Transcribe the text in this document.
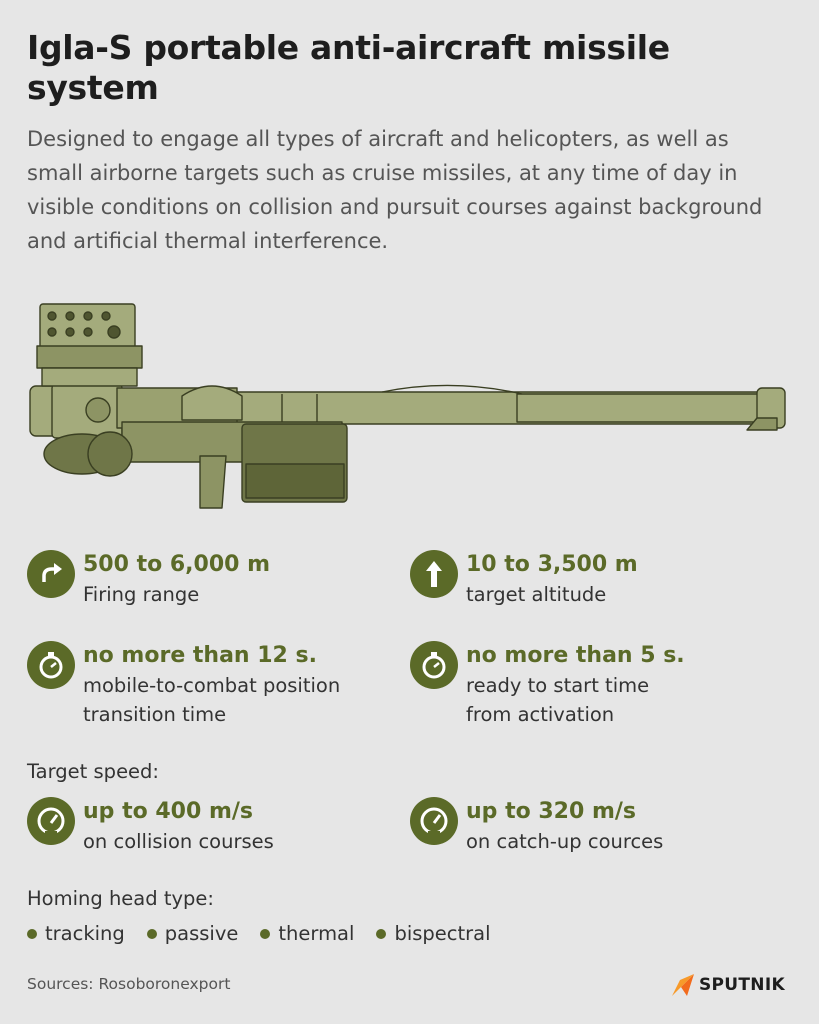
Igla-S portable anti-aircraft missile system
Designed to engage all types of aircraft and helicopters, as well as small airborne targets such as cruise missiles, at any time of day in visible conditions on collision and pursuit courses against background and artificial thermal interference.
500 to 6,000 m
Firing range
10 to 3,500 m
target altitude
no more than 12 s.
mobile-to-combat position
transition time
no more than 5 s.
ready to start time
from activation
Target speed:
up to 400 m/s
on collision courses
up to 320 m/s
on catch-up cources
Homing head type:
tracking passive thermal bispectral
Sources: Rosoboronexport	SPUTNIK
